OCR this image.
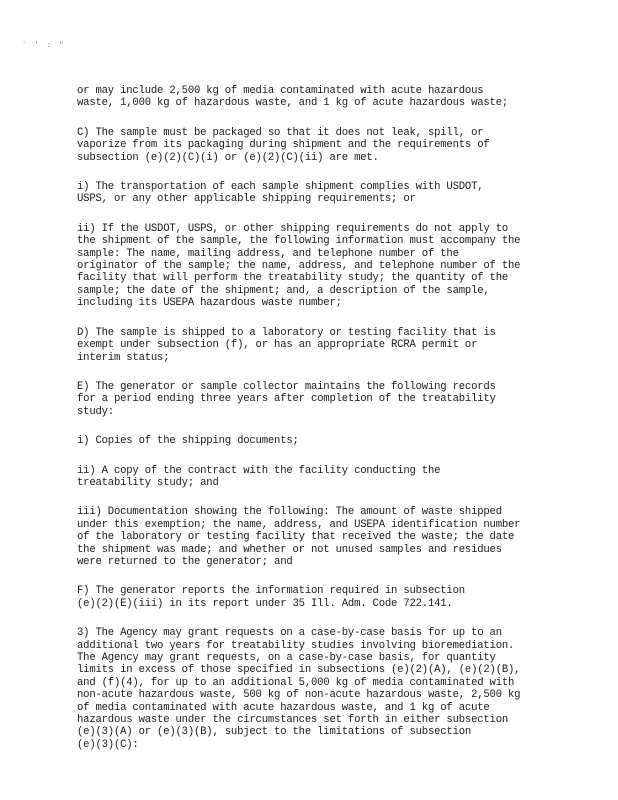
` ' : "

or may include 2,500 kg of media contaminated with acute hazardous
waste, 1,000 kg of hazardous waste, and 1 kg of acute hazardous waste;

C) The sample must be packaged so that it does not leak, spill, or
vaporize from its packaging during shipment and the requirements of
subsection (e)(2)(C)(i) or (e)(2)(C)(ii) are met.

i) The transportation of each sample shipment complies with USDOT,
USPS, or any other applicable shipping requirements; or

ii) If the USDOT, USPS, or other shipping requirements do not apply to
the shipment of the sample, the following information must accompany the
sample: The name, mailing address, and telephone number of the
originator of the sample; the name, address, and telephone number of the
facility that will perform the treatability study; the quantity of the
sample; the date of the shipment; and, a description of the sample,
including its USEPA hazardous waste number;

D) The sample is shipped to a laboratory or testing facility that is
exempt under subsection (f), or has an appropriate RCRA permit or
interim status;

E) The generator or sample collector maintains the following records
for a period ending three years after completion of the treatability
study:

i) Copies of the shipping documents;

ii) A copy of the contract with the facility conducting the
treatability study; and

iii) Documentation showing the following: The amount of waste shipped
under this exemption; the name, address, and USEPA identification number
of the laboratory or testing facility that received the waste; the date
the shipment was made; and whether or not unused samples and residues
were returned to the generator; and

F) The generator reports the information required in subsection
(e)(2)(E)(iii) in its report under 35 Ill. Adm. Code 722.141.

3) The Agency may grant requests on a case-by-case basis for up to an
additional two years for treatability studies involving bioremediation.
The Agency may grant requests, on a case-by-case basis, for quantity
limits in excess of those specified in subsections (e)(2)(A), (e)(2)(B),
and (f)(4), for up to an additional 5,000 kg of media contaminated with
non-acute hazardous waste, 500 kg of non-acute hazardous waste, 2,500 kg
of media contaminated with acute hazardous waste, and 1 kg of acute
hazardous waste under the circumstances set forth in either subsection
(e)(3)(A) or (e)(3)(B), subject to the limitations of subsection
(e)(3)(C):
